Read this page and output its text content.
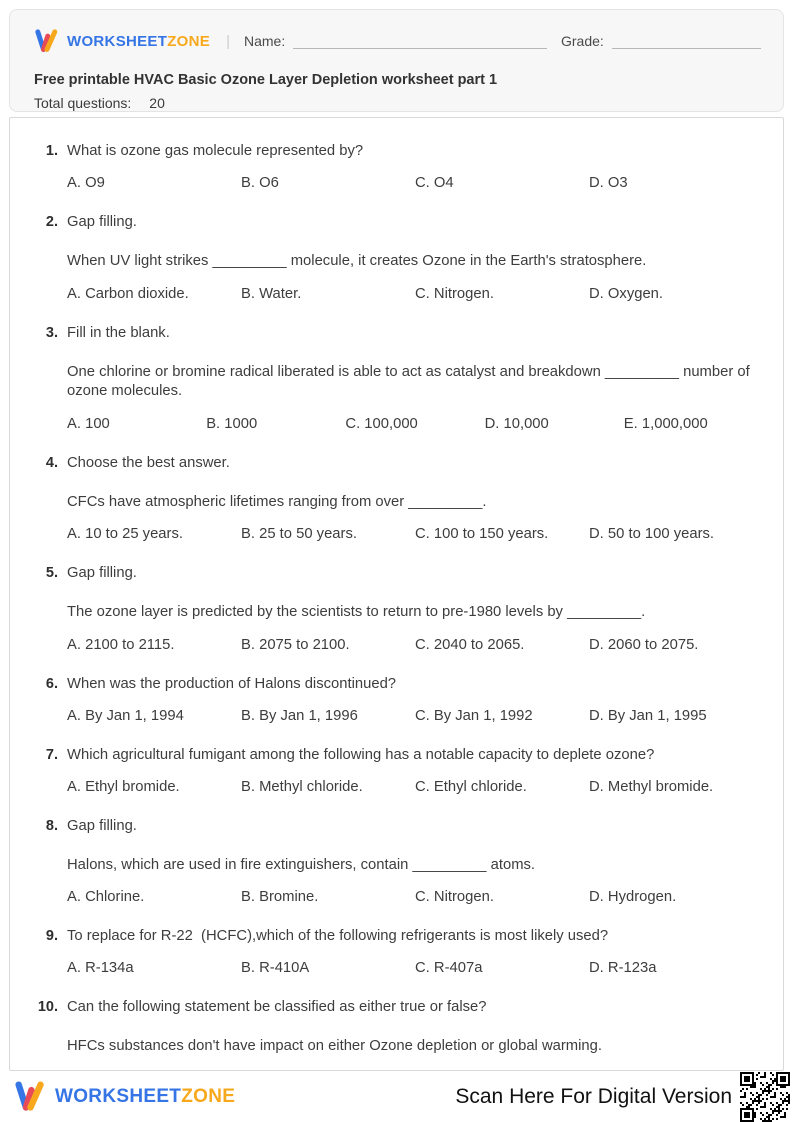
WORKSHEETZONE | Name:	Grade:
Free printable HVAC Basic Ozone Layer Depletion worksheet part 1
Total questions: 20
1. What is ozone gas molecule represented by?
A. O9	B. O6	C. O4	D. O3
2. Gap filling.
When UV light strikes _________ molecule, it creates Ozone in the Earth's stratosphere.
A. Carbon dioxide.	B. Water.	C. Nitrogen.	D. Oxygen.
3. Fill in the blank.
One chlorine or bromine radical liberated is able to act as catalyst and breakdown _________ number of ozone molecules.
A. 100	B. 1000	C. 100,000	D. 10,000	E. 1,000,000
4. Choose the best answer.
CFCs have atmospheric lifetimes ranging from over _________.
A. 10 to 25 years.	B. 25 to 50 years.	C. 100 to 150 years.	D. 50 to 100 years.
5. Gap filling.
The ozone layer is predicted by the scientists to return to pre-1980 levels by _________.
A. 2100 to 2115.	B. 2075 to 2100.	C. 2040 to 2065.	D. 2060 to 2075.
6. When was the production of Halons discontinued?
A. By Jan 1, 1994	B. By Jan 1, 1996	C. By Jan 1, 1992	D. By Jan 1, 1995
7. Which agricultural fumigant among the following has a notable capacity to deplete ozone?
A. Ethyl bromide.	B. Methyl chloride.	C. Ethyl chloride.	D. Methyl bromide.
8. Gap filling.
Halons, which are used in fire extinguishers, contain _________ atoms.
A. Chlorine.	B. Bromine.	C. Nitrogen.	D. Hydrogen.
9. To replace for R-22  (HCFC),which of the following refrigerants is most likely used?
A. R-134a	B. R-410A	C. R-407a	D. R-123a
10. Can the following statement be classified as either true or false?
HFCs substances don't have impact on either Ozone depletion or global warming.
WORKSHEETZONE	Scan Here For Digital Version
